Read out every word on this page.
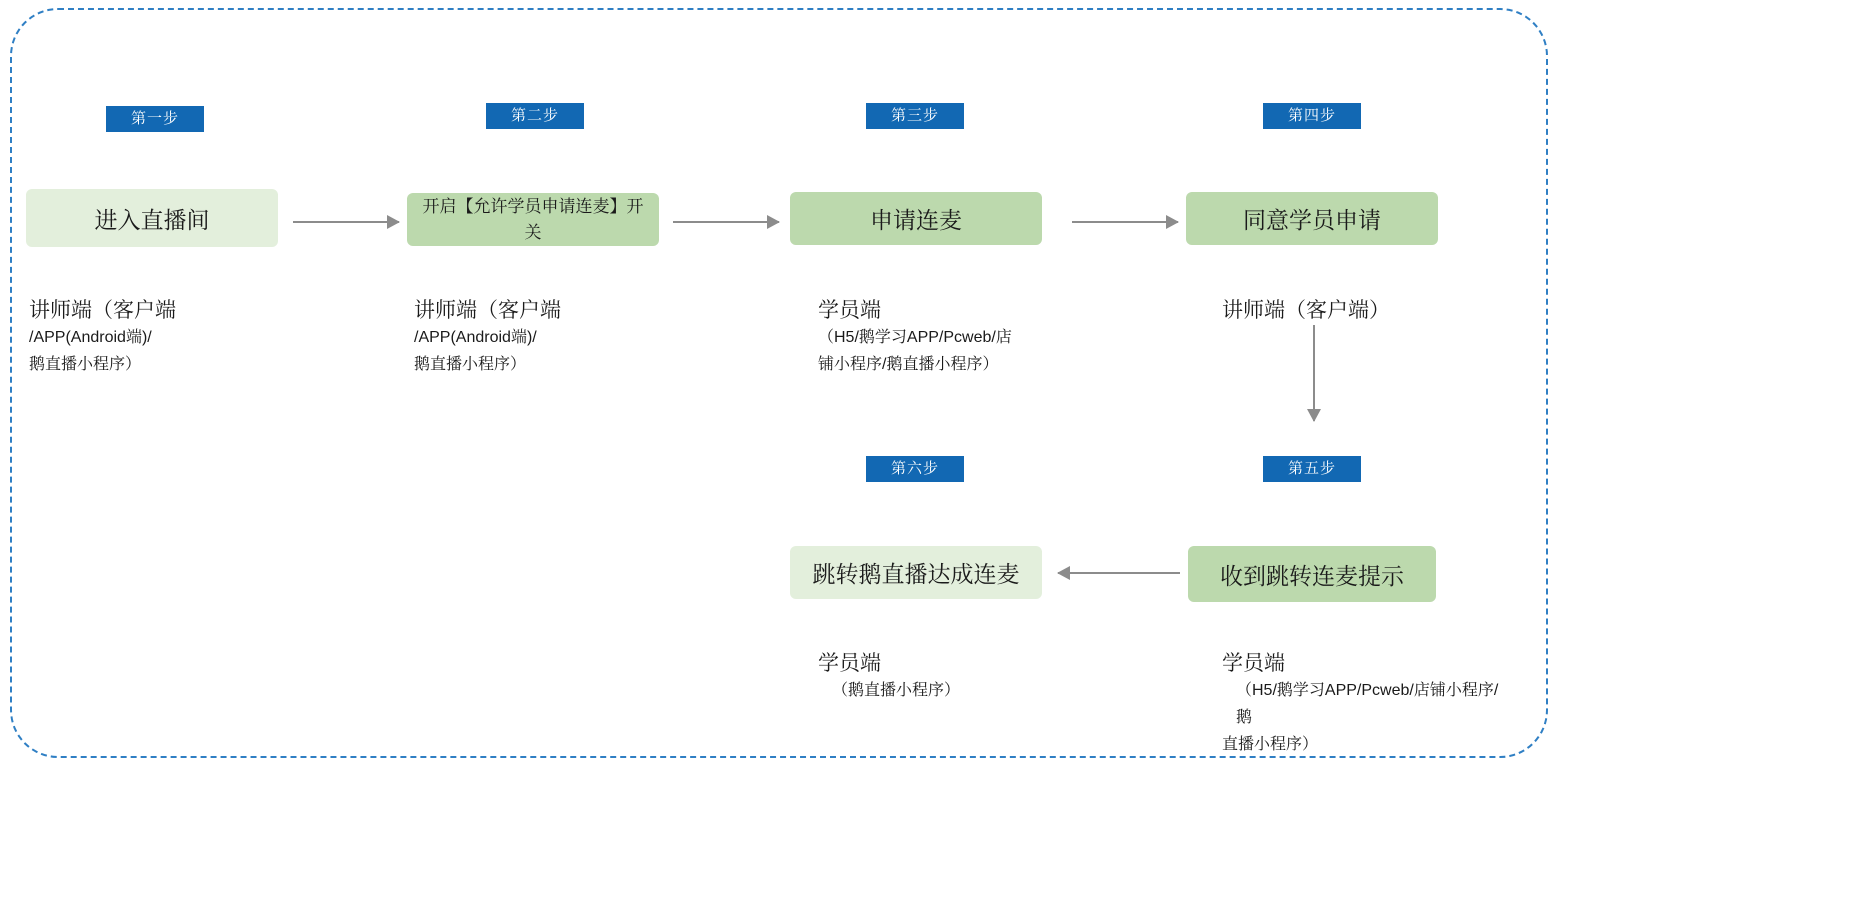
第一步
进入直播间
讲师端（客户端
/APP(Android端)/
鹅直播小程序）
第二步
开启【允许学员申请连麦】开关
讲师端（客户端
/APP(Android端)/
鹅直播小程序）
第三步
申请连麦
学员端
（H5/鹅学习APP/Pcweb/店
铺小程序/鹅直播小程序）
第四步
同意学员申请
讲师端（客户端）
第五步
收到跳转连麦提示
学员端
（H5/鹅学习APP/Pcweb/店铺小程序/鹅
直播小程序）
第六步
跳转鹅直播达成连麦
学员端
（鹅直播小程序）
